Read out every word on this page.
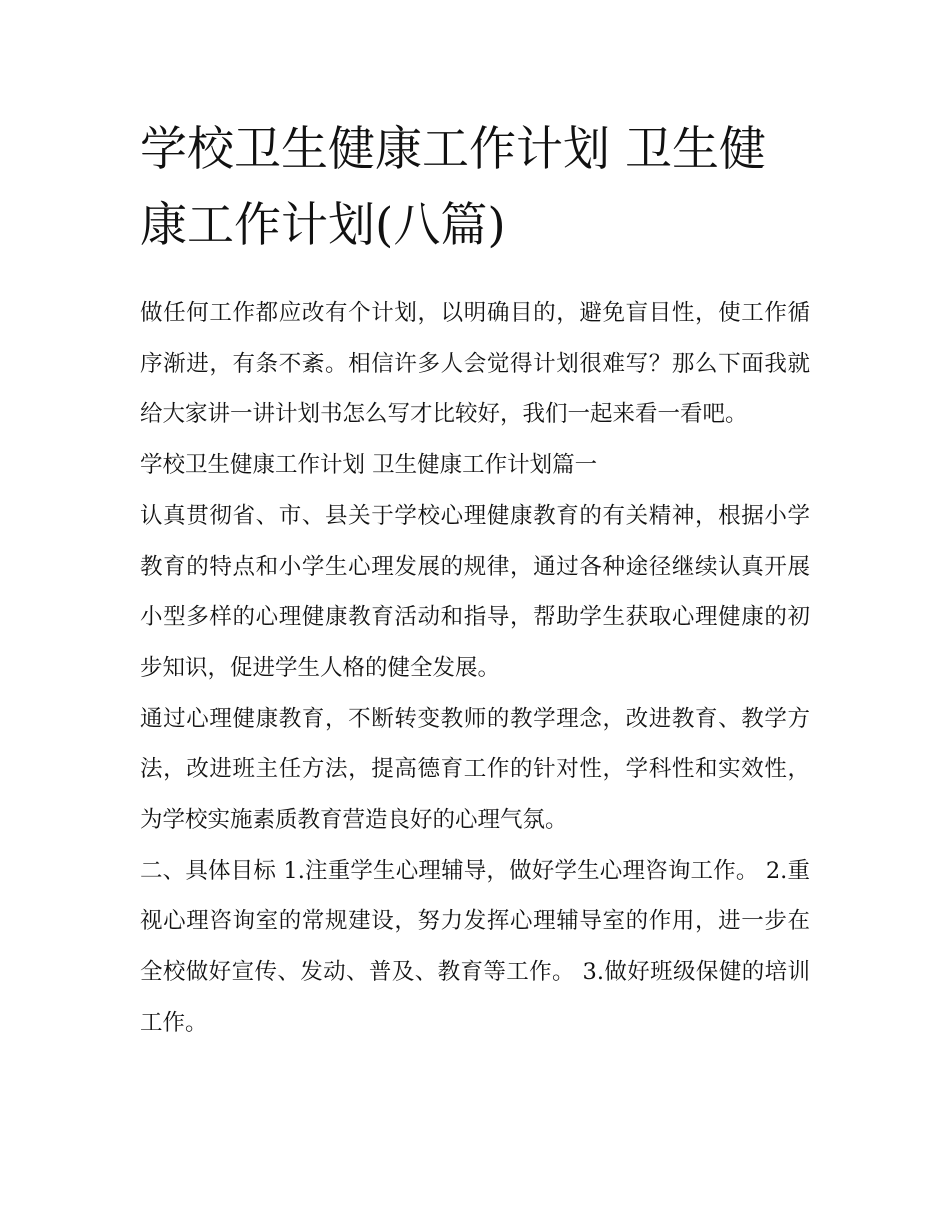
学校卫生健康工作计划 卫生健康工作计划(八篇)

做任何工作都应改有个计划，以明确目的，避免盲目性，使工作循序渐进，有条不紊。相信许多人会觉得计划很难写？那么下面我就给大家讲一讲计划书怎么写才比较好，我们一起来看一看吧。

学校卫生健康工作计划 卫生健康工作计划篇一

认真贯彻省、市、县关于学校心理健康教育的有关精神，根据小学教育的特点和小学生心理发展的规律，通过各种途径继续认真开展小型多样的心理健康教育活动和指导，帮助学生获取心理健康的初步知识，促进学生人格的健全发展。

通过心理健康教育，不断转变教师的教学理念，改进教育、教学方法，改进班主任方法，提高德育工作的针对性，学科性和实效性，为学校实施素质教育营造良好的心理气氛。

二、具体目标 1.注重学生心理辅导，做好学生心理咨询工作。 2.重视心理咨询室的常规建设，努力发挥心理辅导室的作用，进一步在全校做好宣传、发动、普及、教育等工作。 3.做好班级保健的培训工作。
